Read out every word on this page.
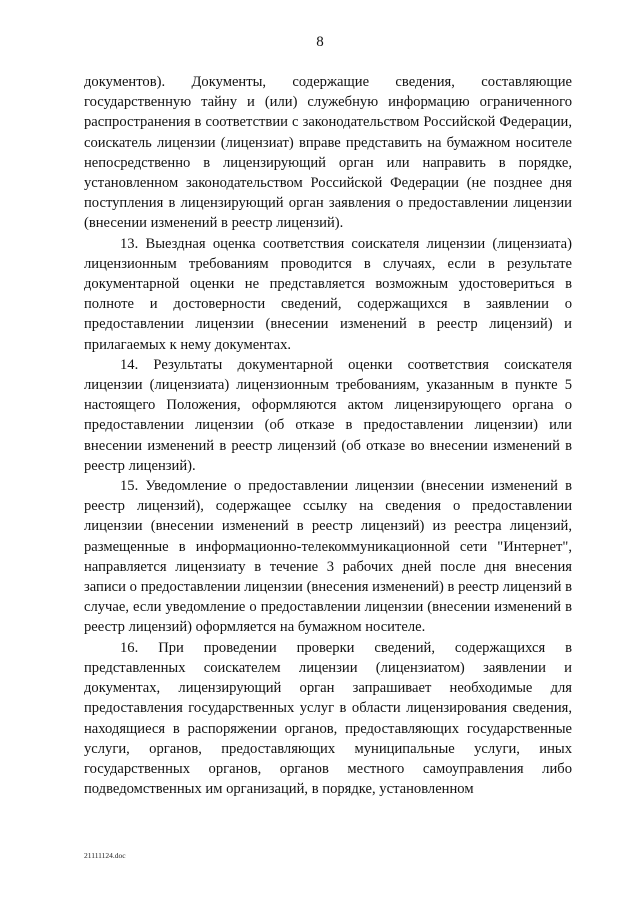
8

документов). Документы, содержащие сведения, составляющие государственную тайну и (или) служебную информацию ограниченного распространения в соответствии с законодательством Российской Федерации, соискатель лицензии (лицензиат) вправе представить на бумажном носителе непосредственно в лицензирующий орган или направить в порядке, установленном законодательством Российской Федерации (не позднее дня поступления в лицензирующий орган заявления о предоставлении лицензии (внесении изменений в реестр лицензий).

13. Выездная оценка соответствия соискателя лицензии (лицензиата) лицензионным требованиям проводится в случаях, если в результате документарной оценки не представляется возможным удостовериться в полноте и достоверности сведений, содержащихся в заявлении о предоставлении лицензии (внесении изменений в реестр лицензий) и прилагаемых к нему документах.

14. Результаты документарной оценки соответствия соискателя лицензии (лицензиата) лицензионным требованиям, указанным в пункте 5 настоящего Положения, оформляются актом лицензирующего органа о предоставлении лицензии (об отказе в предоставлении лицензии) или внесении изменений в реестр лицензий (об отказе во внесении изменений в реестр лицензий).

15. Уведомление о предоставлении лицензии (внесении изменений в реестр лицензий), содержащее ссылку на сведения о предоставлении лицензии (внесении изменений в реестр лицензий) из реестра лицензий, размещенные в информационно-телекоммуникационной сети "Интернет", направляется лицензиату в течение 3 рабочих дней после дня внесения записи о предоставлении лицензии (внесения изменений) в реестр лицензий в случае, если уведомление о предоставлении лицензии (внесении изменений в реестр лицензий) оформляется на бумажном носителе.

16. При проведении проверки сведений, содержащихся в представленных соискателем лицензии (лицензиатом) заявлении и документах, лицензирующий орган запрашивает необходимые для предоставления государственных услуг в области лицензирования сведения, находящиеся в распоряжении органов, предоставляющих государственные услуги, органов, предоставляющих муниципальные услуги, иных государственных органов, органов местного самоуправления либо подведомственных им организаций, в порядке, установленном

21111124.doc
